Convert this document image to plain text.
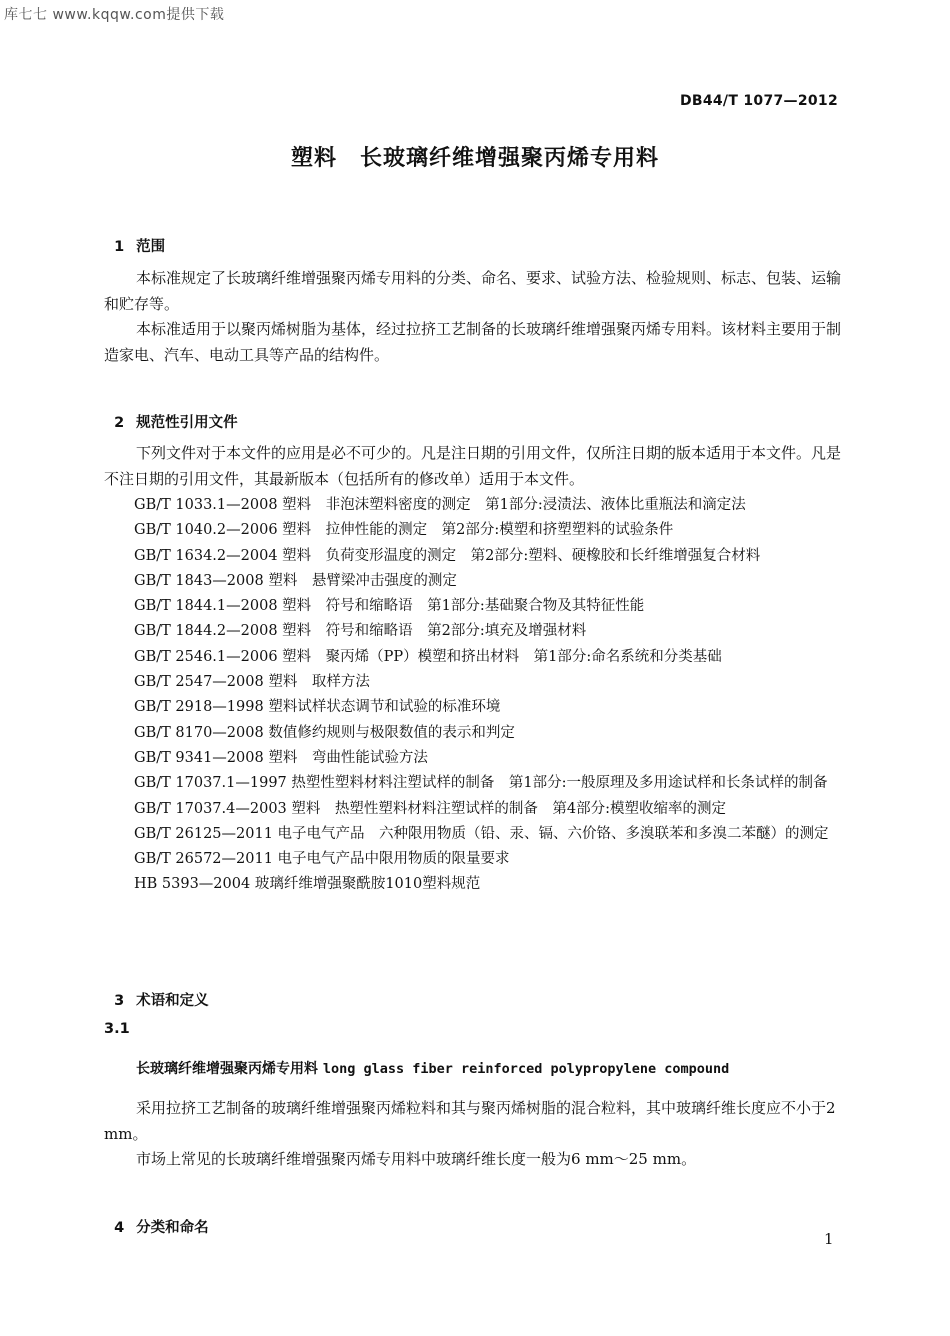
库七七 www.kqqw.com提供下载
DB44/T 1077—2012
塑料　长玻璃纤维增强聚丙烯专用料

1 范围

本标准规定了长玻璃纤维增强聚丙烯专用料的分类、命名、要求、试验方法、检验规则、标志、包装、运输和贮存等。

本标准适用于以聚丙烯树脂为基体，经过拉挤工艺制备的长玻璃纤维增强聚丙烯专用料。该材料主要用于制造家电、汽车、电动工具等产品的结构件。

2 规范性引用文件

下列文件对于本文件的应用是必不可少的。凡是注日期的引用文件，仅所注日期的版本适用于本文件。凡是不注日期的引用文件，其最新版本（包括所有的修改单）适用于本文件。

GB/T 1033.1—2008 塑料　非泡沫塑料密度的测定　第1部分:浸渍法、液体比重瓶法和滴定法
GB/T 1040.2—2006 塑料　拉伸性能的测定　第2部分:模塑和挤塑塑料的试验条件
GB/T 1634.2—2004 塑料　负荷变形温度的测定　第2部分:塑料、硬橡胶和长纤维增强复合材料
GB/T 1843—2008 塑料　悬臂梁冲击强度的测定
GB/T 1844.1—2008 塑料　符号和缩略语　第1部分:基础聚合物及其特征性能
GB/T 1844.2—2008 塑料　符号和缩略语　第2部分:填充及增强材料
GB/T 2546.1—2006 塑料　聚丙烯（PP）模塑和挤出材料　第1部分:命名系统和分类基础
GB/T 2547—2008 塑料　取样方法
GB/T 2918—1998 塑料试样状态调节和试验的标准环境
GB/T 8170—2008 数值修约规则与极限数值的表示和判定
GB/T 9341—2008 塑料　弯曲性能试验方法
GB/T 17037.1—1997 热塑性塑料材料注塑试样的制备　第1部分:一般原理及多用途试样和长条试样的制备
GB/T 17037.4—2003 塑料　热塑性塑料材料注塑试样的制备　第4部分:模塑收缩率的测定
GB/T 26125—2011 电子电气产品　六种限用物质（铅、汞、镉、六价铬、多溴联苯和多溴二苯醚）的测定
GB/T 26572—2011 电子电气产品中限用物质的限量要求
HB 5393—2004 玻璃纤维增强聚酰胺1010塑料规范

3 术语和定义

3.1
长玻璃纤维增强聚丙烯专用料 long glass fiber reinforced polypropylene compound

采用拉挤工艺制备的玻璃纤维增强聚丙烯粒料和其与聚丙烯树脂的混合粒料，其中玻璃纤维长度应不小于2 mm。

市场上常见的长玻璃纤维增强聚丙烯专用料中玻璃纤维长度一般为6 mm～25 mm。

4 分类和命名

1
